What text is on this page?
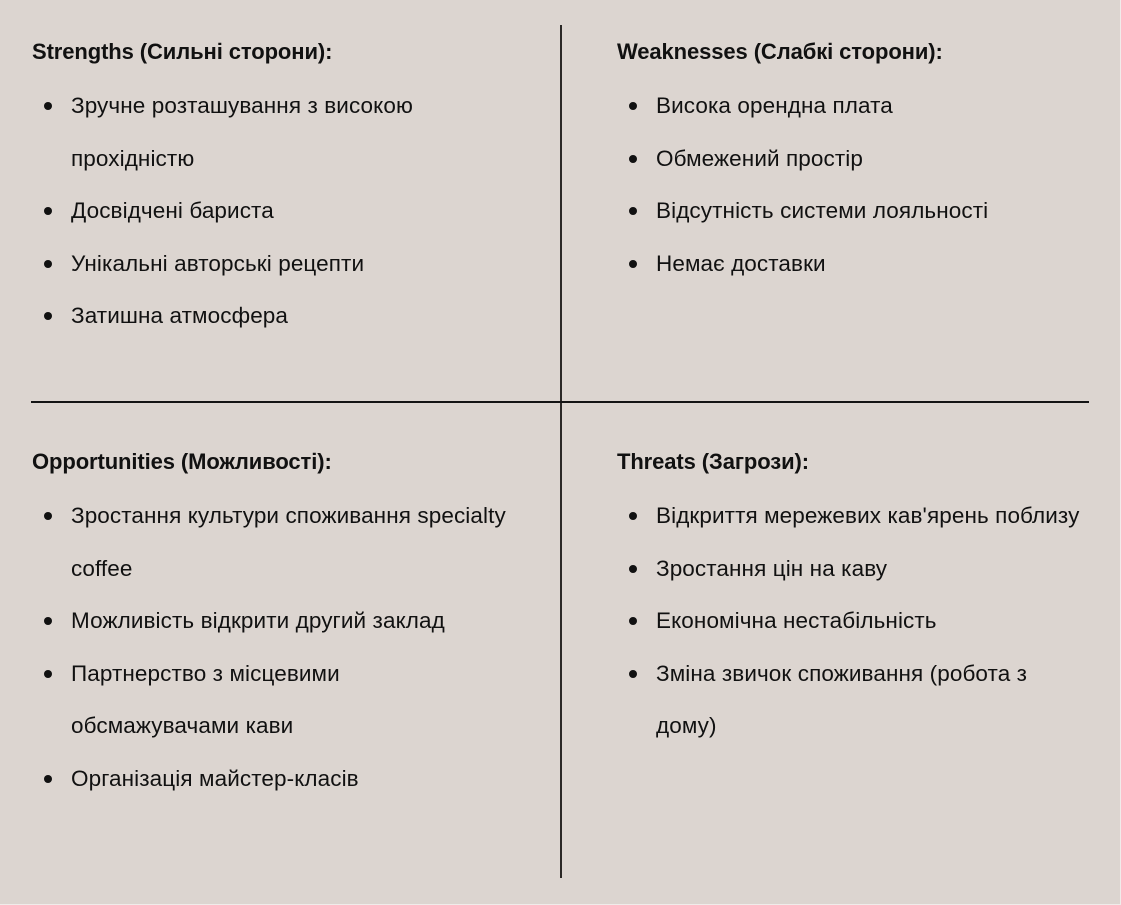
Strengths (Сильні сторони):
Зручне розташування з високою прохідністю
Досвідчені бариста
Унікальні авторські рецепти
Затишна атмосфера
Weaknesses (Слабкі сторони):
Висока орендна плата
Обмежений простір
Відсутність системи лояльності
Немає доставки
Opportunities (Можливості):
Зростання культури споживання specialty coffee
Можливість відкрити другий заклад
Партнерство з місцевими обсмажувачами кави
Організація майстер-класів
Threats (Загрози):
Відкриття мережевих кав'ярень поблизу
Зростання цін на каву
Економічна нестабільність
Зміна звичок споживання (робота з дому)
